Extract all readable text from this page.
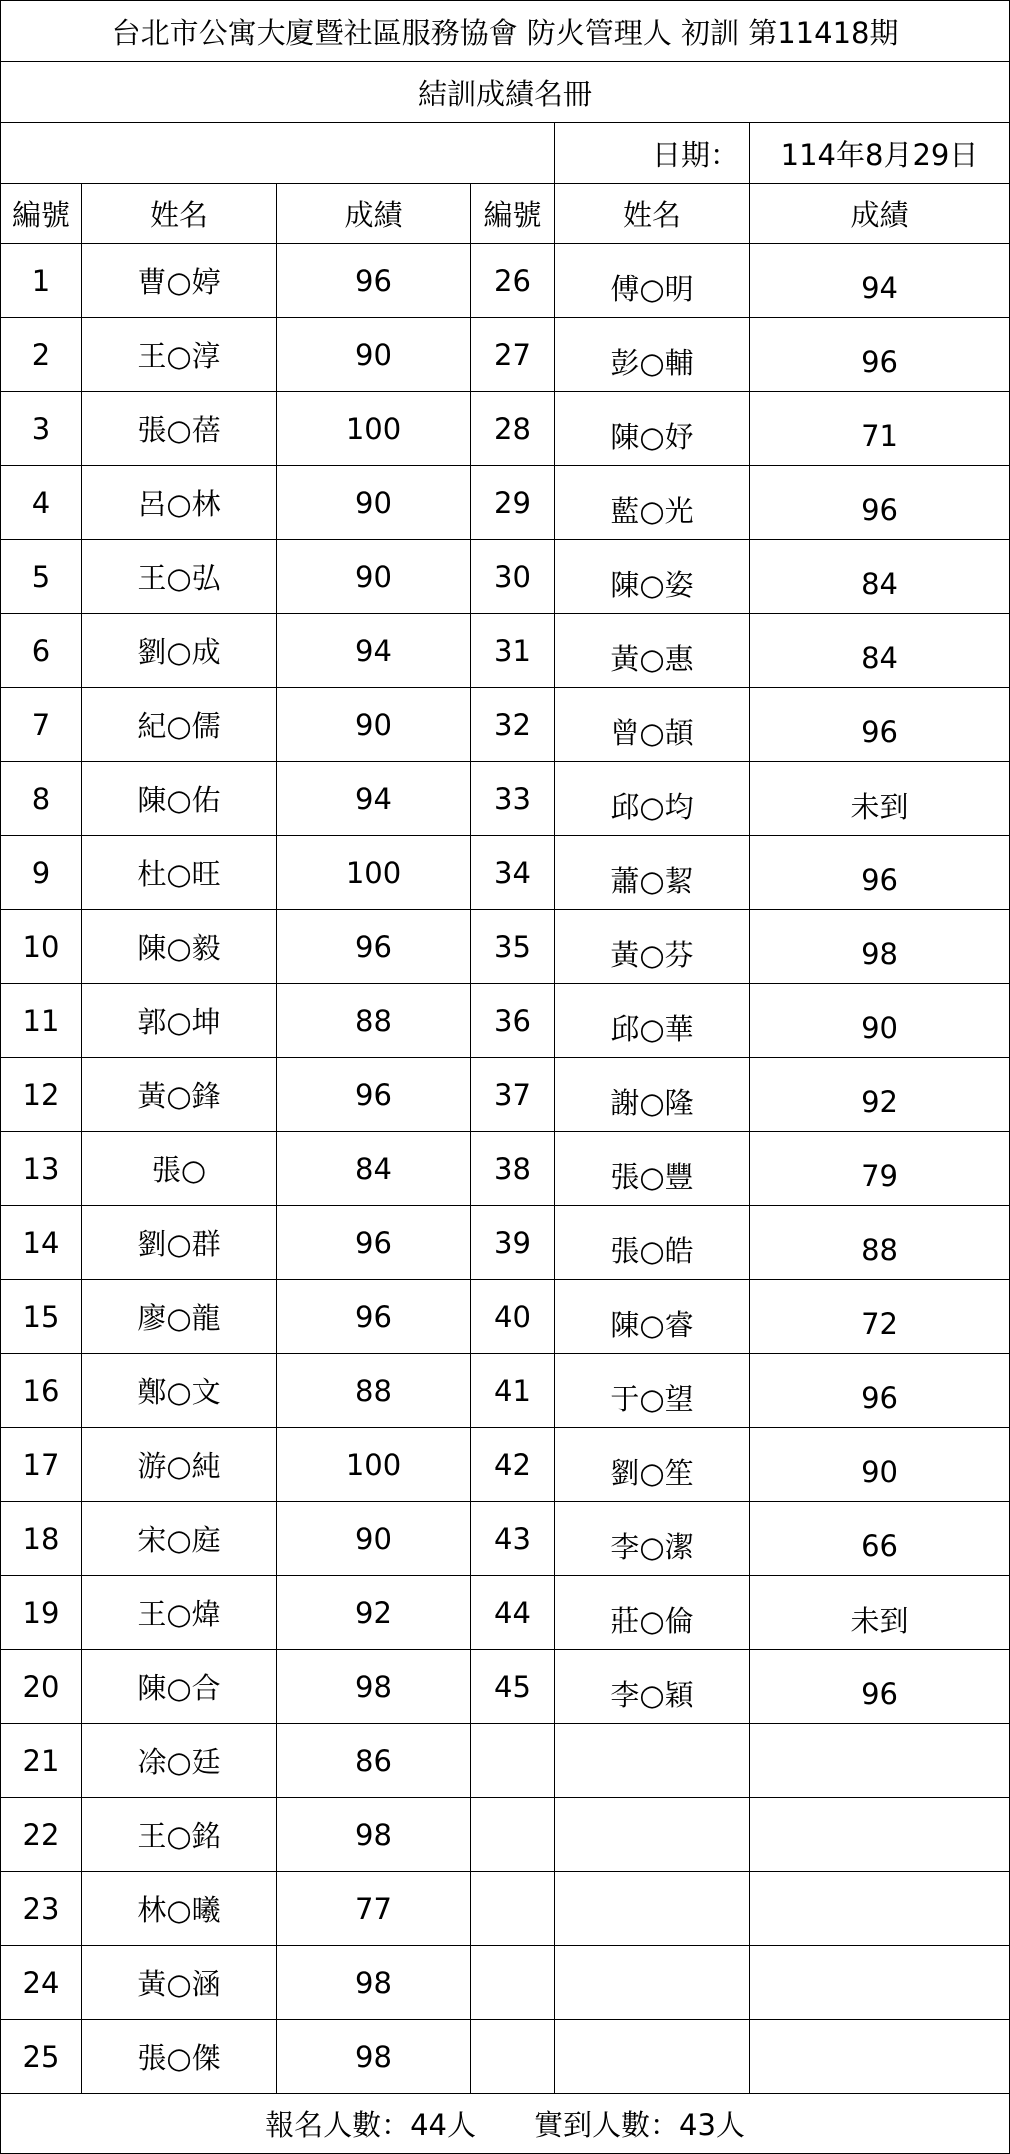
台北市公寓大廈暨社區服務協會 防火管理人 初訓 第11418期					
結訓成績名冊					
				日期：	114年8月29日
編號	姓名	成績	編號	姓名	成績
1	曹○婷	96	26	傅○明	94
2	王○淳	90	27	彭○輔	96
3	張○蓓	100	28	陳○妤	71
4	呂○林	90	29	藍○光	96
5	王○弘	90	30	陳○姿	84
6	劉○成	94	31	黃○惠	84
7	紀○儒	90	32	曾○頡	96
8	陳○佑	94	33	邱○均	未到
9	杜○旺	100	34	蕭○絜	96
10	陳○毅	96	35	黃○芬	98
11	郭○坤	88	36	邱○華	90
12	黃○鋒	96	37	謝○隆	92
13	張○	84	38	張○豐	79
14	劉○群	96	39	張○皓	88
15	廖○龍	96	40	陳○睿	72
16	鄭○文	88	41	于○望	96
17	游○純	100	42	劉○笙	90
18	宋○庭	90	43	李○潔	66
19	王○煒	92	44	莊○倫	未到
20	陳○合	98	45	李○穎	96
21	凃○廷	86			
22	王○銘	98			
23	林○曦	77			
24	黃○涵	98			
25	張○傑	98			
報名人數：44人 實到人數：43人					
